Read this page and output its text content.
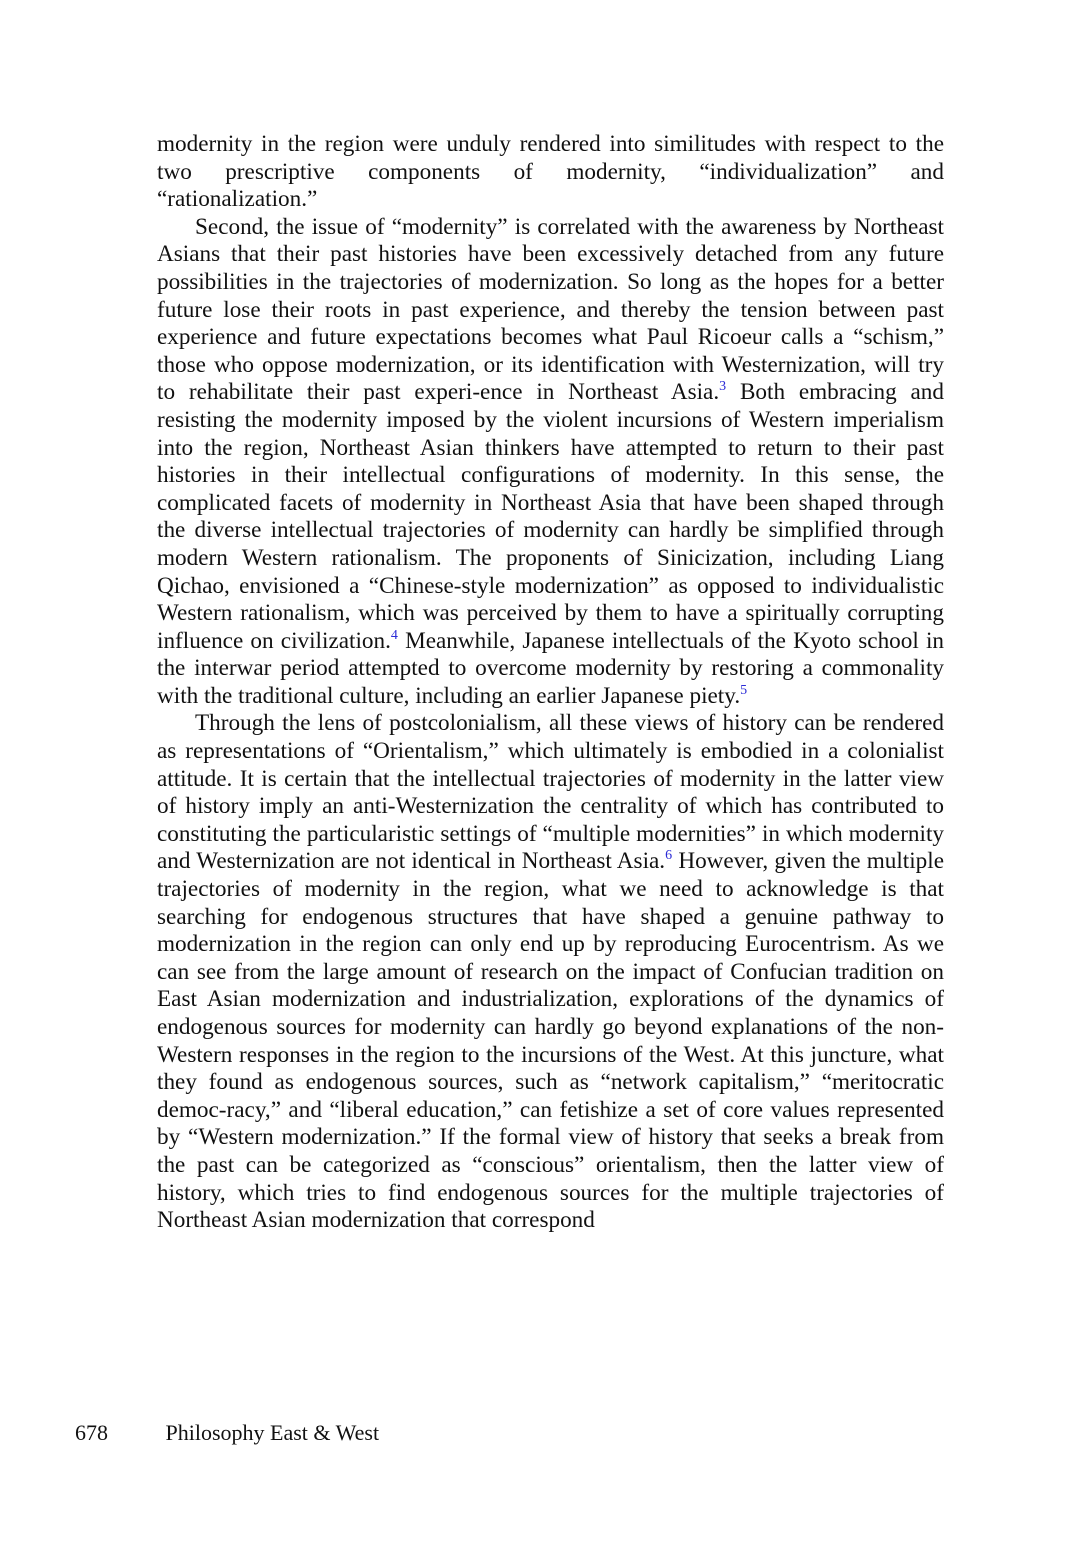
modernity in the region were unduly rendered into similitudes with respect to the two prescriptive components of modernity, “individualization” and “rationalization.”

Second, the issue of “modernity” is correlated with the awareness by Northeast Asians that their past histories have been excessively detached from any future possibilities in the trajectories of modernization. So long as the hopes for a better future lose their roots in past experience, and thereby the tension between past experience and future expectations becomes what Paul Ricoeur calls a “schism,” those who oppose modernization, or its identification with Westernization, will try to rehabilitate their past experi-ence in Northeast Asia.$^3$ Both embracing and resisting the modernity imposed by the violent incursions of Western imperialism into the region, Northeast Asian thinkers have attempted to return to their past histories in their intellectual configurations of modernity. In this sense, the complicated facets of modernity in Northeast Asia that have been shaped through the diverse intellectual trajectories of modernity can hardly be simplified through modern Western rationalism. The proponents of Sinicization, including Liang Qichao, envisioned a “Chinese-style modernization” as opposed to individualistic Western rationalism, which was perceived by them to have a spiritually corrupting influence on civilization.$^4$ Meanwhile, Japanese intellectuals of the Kyoto school in the interwar period attempted to overcome modernity by restoring a commonality with the traditional culture, including an earlier Japanese piety.$^5$

Through the lens of postcolonialism, all these views of history can be rendered as representations of “Orientalism,” which ultimately is embodied in a colonialist attitude. It is certain that the intellectual trajectories of modernity in the latter view of history imply an anti-Westernization the centrality of which has contributed to constituting the particularistic settings of “multiple modernities” in which modernity and Westernization are not identical in Northeast Asia.$^6$ However, given the multiple trajectories of modernity in the region, what we need to acknowledge is that searching for endogenous structures that have shaped a genuine pathway to modernization in the region can only end up by reproducing Eurocentrism. As we can see from the large amount of research on the impact of Confucian tradition on East Asian modernization and industrialization, explorations of the dynamics of endogenous sources for modernity can hardly go beyond explanations of the non-Western responses in the region to the incursions of the West. At this juncture, what they found as endogenous sources, such as “network capitalism,” “meritocratic democ-racy,” and “liberal education,” can fetishize a set of core values represented by “Western modernization.” If the formal view of history that seeks a break from the past can be categorized as “conscious” orientalism, then the latter view of history, which tries to find endogenous sources for the multiple trajectories of Northeast Asian modernization that correspond

678	Philosophy East & West
